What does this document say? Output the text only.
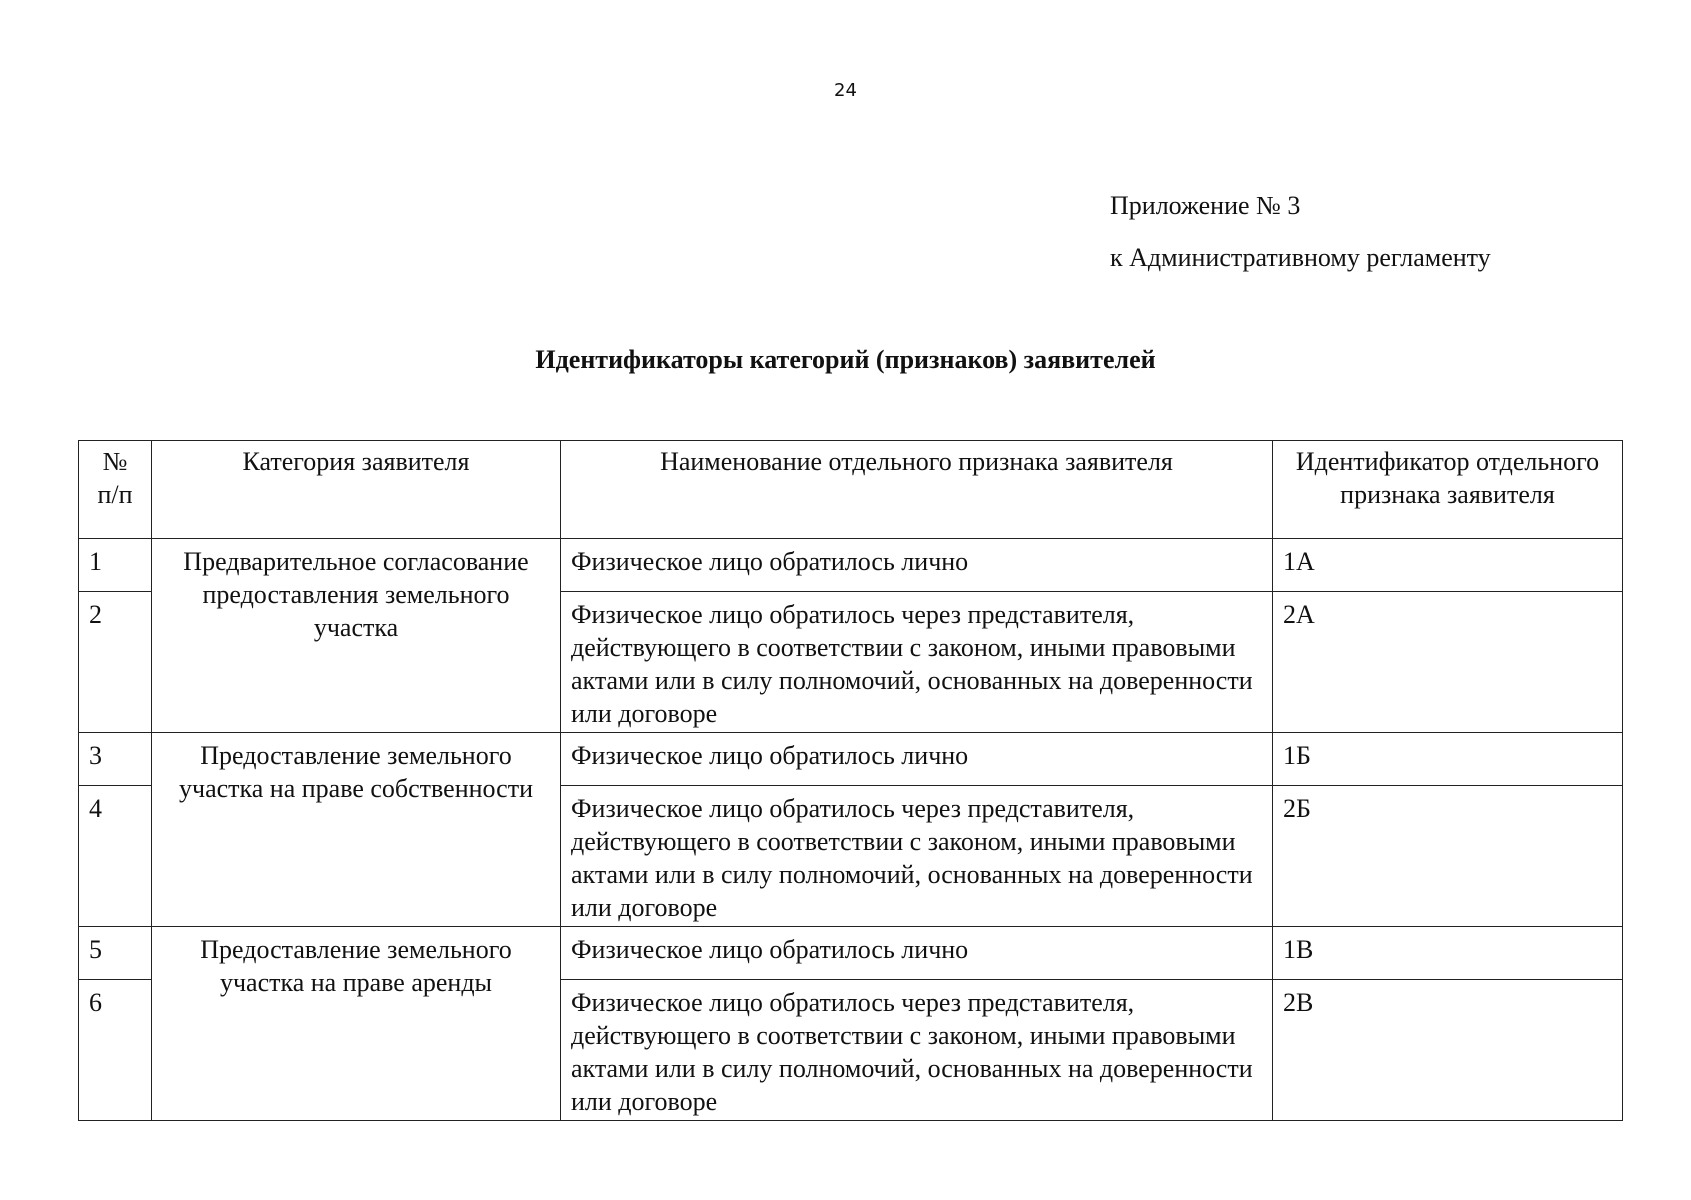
24
Приложение № 3
к Административному регламенту
Идентификаторы категорий (признаков) заявителей
№ п/п	Категория заявителя	Наименование отдельного признака заявителя	Идентификатор отдельного признака заявителя
1	Предварительное согласование предоставления земельного участка	Физическое лицо обратилось лично	1А
2		Физическое лицо обратилось через представителя, действующего в соответствии с законом, иными правовыми актами или в силу полномочий, основанных на доверенности или договоре	2А
3	Предоставление земельного участка на праве собственности	Физическое лицо обратилось лично	1Б
4		Физическое лицо обратилось через представителя, действующего в соответствии с законом, иными правовыми актами или в силу полномочий, основанных на доверенности или договоре	2Б
5	Предоставление земельного участка на праве аренды	Физическое лицо обратилось лично	1В
6		Физическое лицо обратилось через представителя, действующего в соответствии с законом, иными правовыми актами или в силу полномочий, основанных на доверенности или договоре	2В
